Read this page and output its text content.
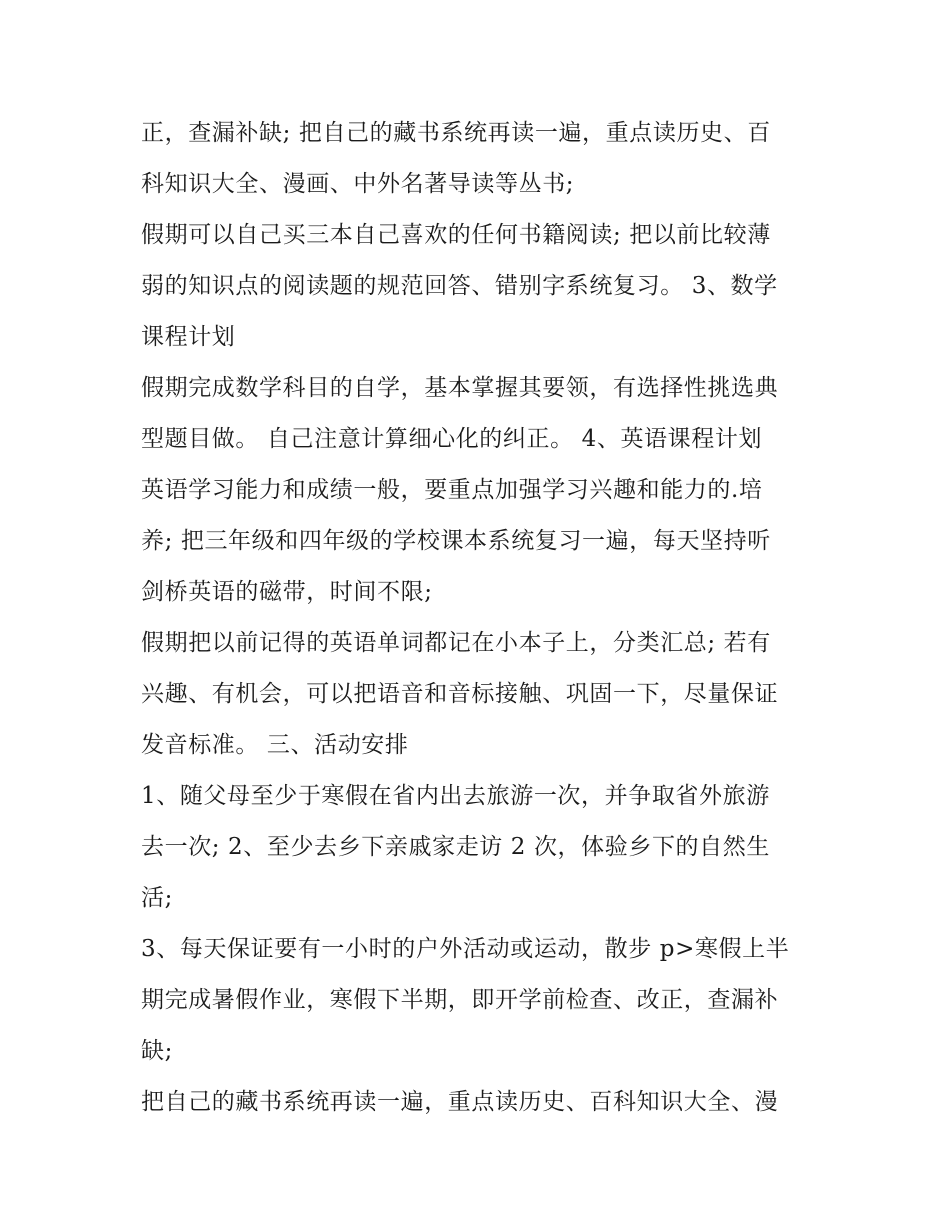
正，查漏补缺; 把自己的藏书系统再读一遍，重点读历史、百
科知识大全、漫画、中外名著导读等丛书;
假期可以自己买三本自己喜欢的任何书籍阅读; 把以前比较薄
弱的知识点的阅读题的规范回答、错别字系统复习。 3、数学
课程计划
假期完成数学科目的自学，基本掌握其要领，有选择性挑选典
型题目做。 自己注意计算细心化的纠正。 4、英语课程计划
英语学习能力和成绩一般，要重点加强学习兴趣和能力的.培
养; 把三年级和四年级的学校课本系统复习一遍，每天坚持听
剑桥英语的磁带，时间不限;
假期把以前记得的英语单词都记在小本子上，分类汇总; 若有
兴趣、有机会，可以把语音和音标接触、巩固一下，尽量保证
发音标准。 三、活动安排
1、随父母至少于寒假在省内出去旅游一次，并争取省外旅游
去一次; 2、至少去乡下亲戚家走访 2 次，体验乡下的自然生
活;
3、每天保证要有一小时的户外活动或运动，散步 p>寒假上半
期完成暑假作业，寒假下半期，即开学前检查、改正，查漏补
缺;
把自己的藏书系统再读一遍，重点读历史、百科知识大全、漫
